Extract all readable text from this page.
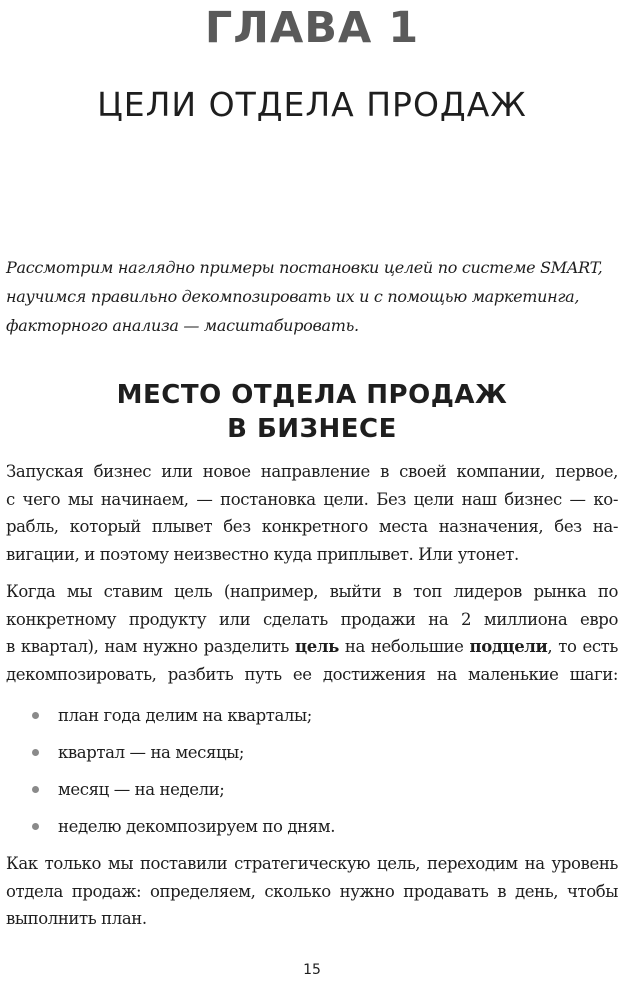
ГЛАВА 1
ЦЕЛИ ОТДЕЛА ПРОДАЖ
Рассмотрим наглядно примеры постановки целей по системе SMART,
научимся правильно декомпозировать их и с помощью маркетинга,
факторного анализа — масштабировать.
МЕСТО ОТДЕЛА ПРОДАЖ
В БИЗНЕСЕ
Запуская бизнес или новое направление в своей компании, первое,
с чего мы начинаем, — постановка цели. Без цели наш бизнес — ко-
рабль, который плывет без конкретного места назначения, без на-
вигации, и поэтому неизвестно куда приплывет. Или утонет.
Когда мы ставим цель (например, выйти в топ лидеров рынка по
конкретному продукту или сделать продажи на 2 миллиона евро
в квартал), нам нужно разделить цель на небольшие подцели, то есть
декомпозировать, разбить путь ее достижения на маленькие шаги:
план года делим на кварталы;
квартал — на месяцы;
месяц — на недели;
неделю декомпозируем по дням.
Как только мы поставили стратегическую цель, переходим на уровень
отдела продаж: определяем, сколько нужно продавать в день, чтобы
выполнить план.
15
